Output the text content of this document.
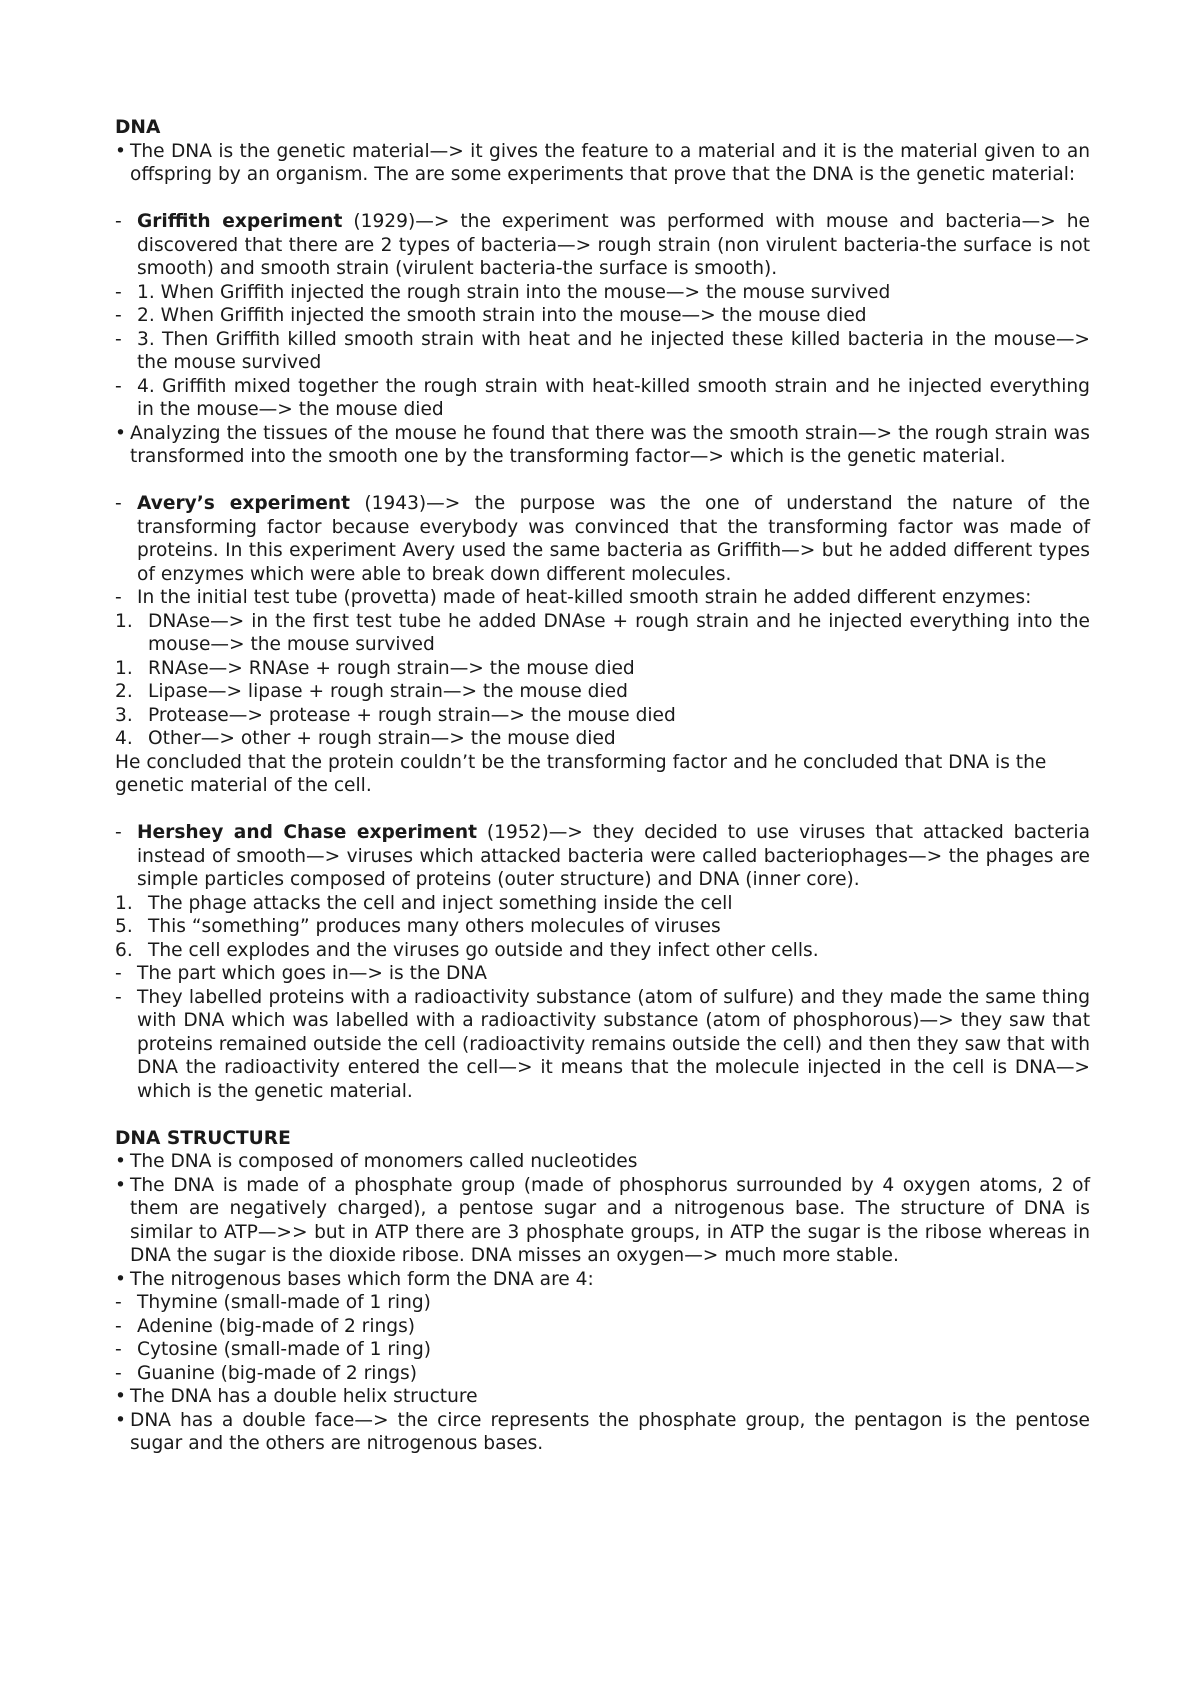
DNA
• The DNA is the genetic material—> it gives the feature to a material and it is the material given to an offspring by an organism. The are some experiments that prove that the DNA is the genetic material:
- Griffith experiment (1929)—> the experiment was performed with mouse and bacteria—> he discovered that there are 2 types of bacteria—> rough strain (non virulent bacteria-the surface is not smooth) and smooth strain (virulent bacteria-the surface is smooth).
- 1. When Griffith injected the rough strain into the mouse—> the mouse survived
- 2. When Griffith injected the smooth strain into the mouse—> the mouse died
- 3. Then Griffith killed smooth strain with heat and he injected these killed bacteria in the mouse—> the mouse survived
- 4. Griffith mixed together the rough strain with heat-killed smooth strain and he injected everything in the mouse—> the mouse died
• Analyzing the tissues of the mouse he found that there was the smooth strain—> the rough strain was transformed into the smooth one by the transforming factor—> which is the genetic material.
- Avery’s experiment (1943)—> the purpose was the one of understand the nature of the transforming factor because everybody was convinced that the transforming factor was made of proteins. In this experiment Avery used the same bacteria as Griffith—> but he added different types of enzymes which were able to break down different molecules.
- In the initial test tube (provetta) made of heat-killed smooth strain he added different enzymes:
1. DNAse—> in the first test tube he added DNAse + rough strain and he injected everything into the mouse—> the mouse survived
1. RNAse—> RNAse + rough strain—> the mouse died
2. Lipase—> lipase + rough strain—> the mouse died
3. Protease—> protease + rough strain—> the mouse died
4. Other—> other + rough strain—> the mouse died
He concluded that the protein couldn’t be the transforming factor and he concluded that DNA is the genetic material of the cell.
- Hershey and Chase experiment (1952)—> they decided to use viruses that attacked bacteria instead of smooth—> viruses which attacked bacteria were called bacteriophages—> the phages are simple particles composed of proteins (outer structure) and DNA (inner core).
1. The phage attacks the cell and inject something inside the cell
5. This “something” produces many others molecules of viruses
6. The cell explodes and the viruses go outside and they infect other cells.
- The part which goes in—> is the DNA
- They labelled proteins with a radioactivity substance (atom of sulfure) and they made the same thing with DNA which was labelled with a radioactivity substance (atom of phosphorous)—> they saw that proteins remained outside the cell (radioactivity remains outside the cell) and then they saw that with DNA the radioactivity entered the cell—> it means that the molecule injected in the cell is DNA—> which is the genetic material.
DNA STRUCTURE
• The DNA is composed of monomers called nucleotides
• The DNA is made of a phosphate group (made of phosphorus surrounded by 4 oxygen atoms, 2 of them are negatively charged), a pentose sugar and a nitrogenous base. The structure of DNA is similar to ATP—>> but in ATP there are 3 phosphate groups, in ATP the sugar is the ribose whereas in DNA the sugar is the dioxide ribose. DNA misses an oxygen—> much more stable.
• The nitrogenous bases which form the DNA are 4:
- Thymine (small-made of 1 ring)
- Adenine (big-made of 2 rings)
- Cytosine (small-made of 1 ring)
- Guanine (big-made of 2 rings)
• The DNA has a double helix structure
• DNA has a double face—> the circe represents the phosphate group, the pentagon is the pentose sugar and the others are nitrogenous bases.
